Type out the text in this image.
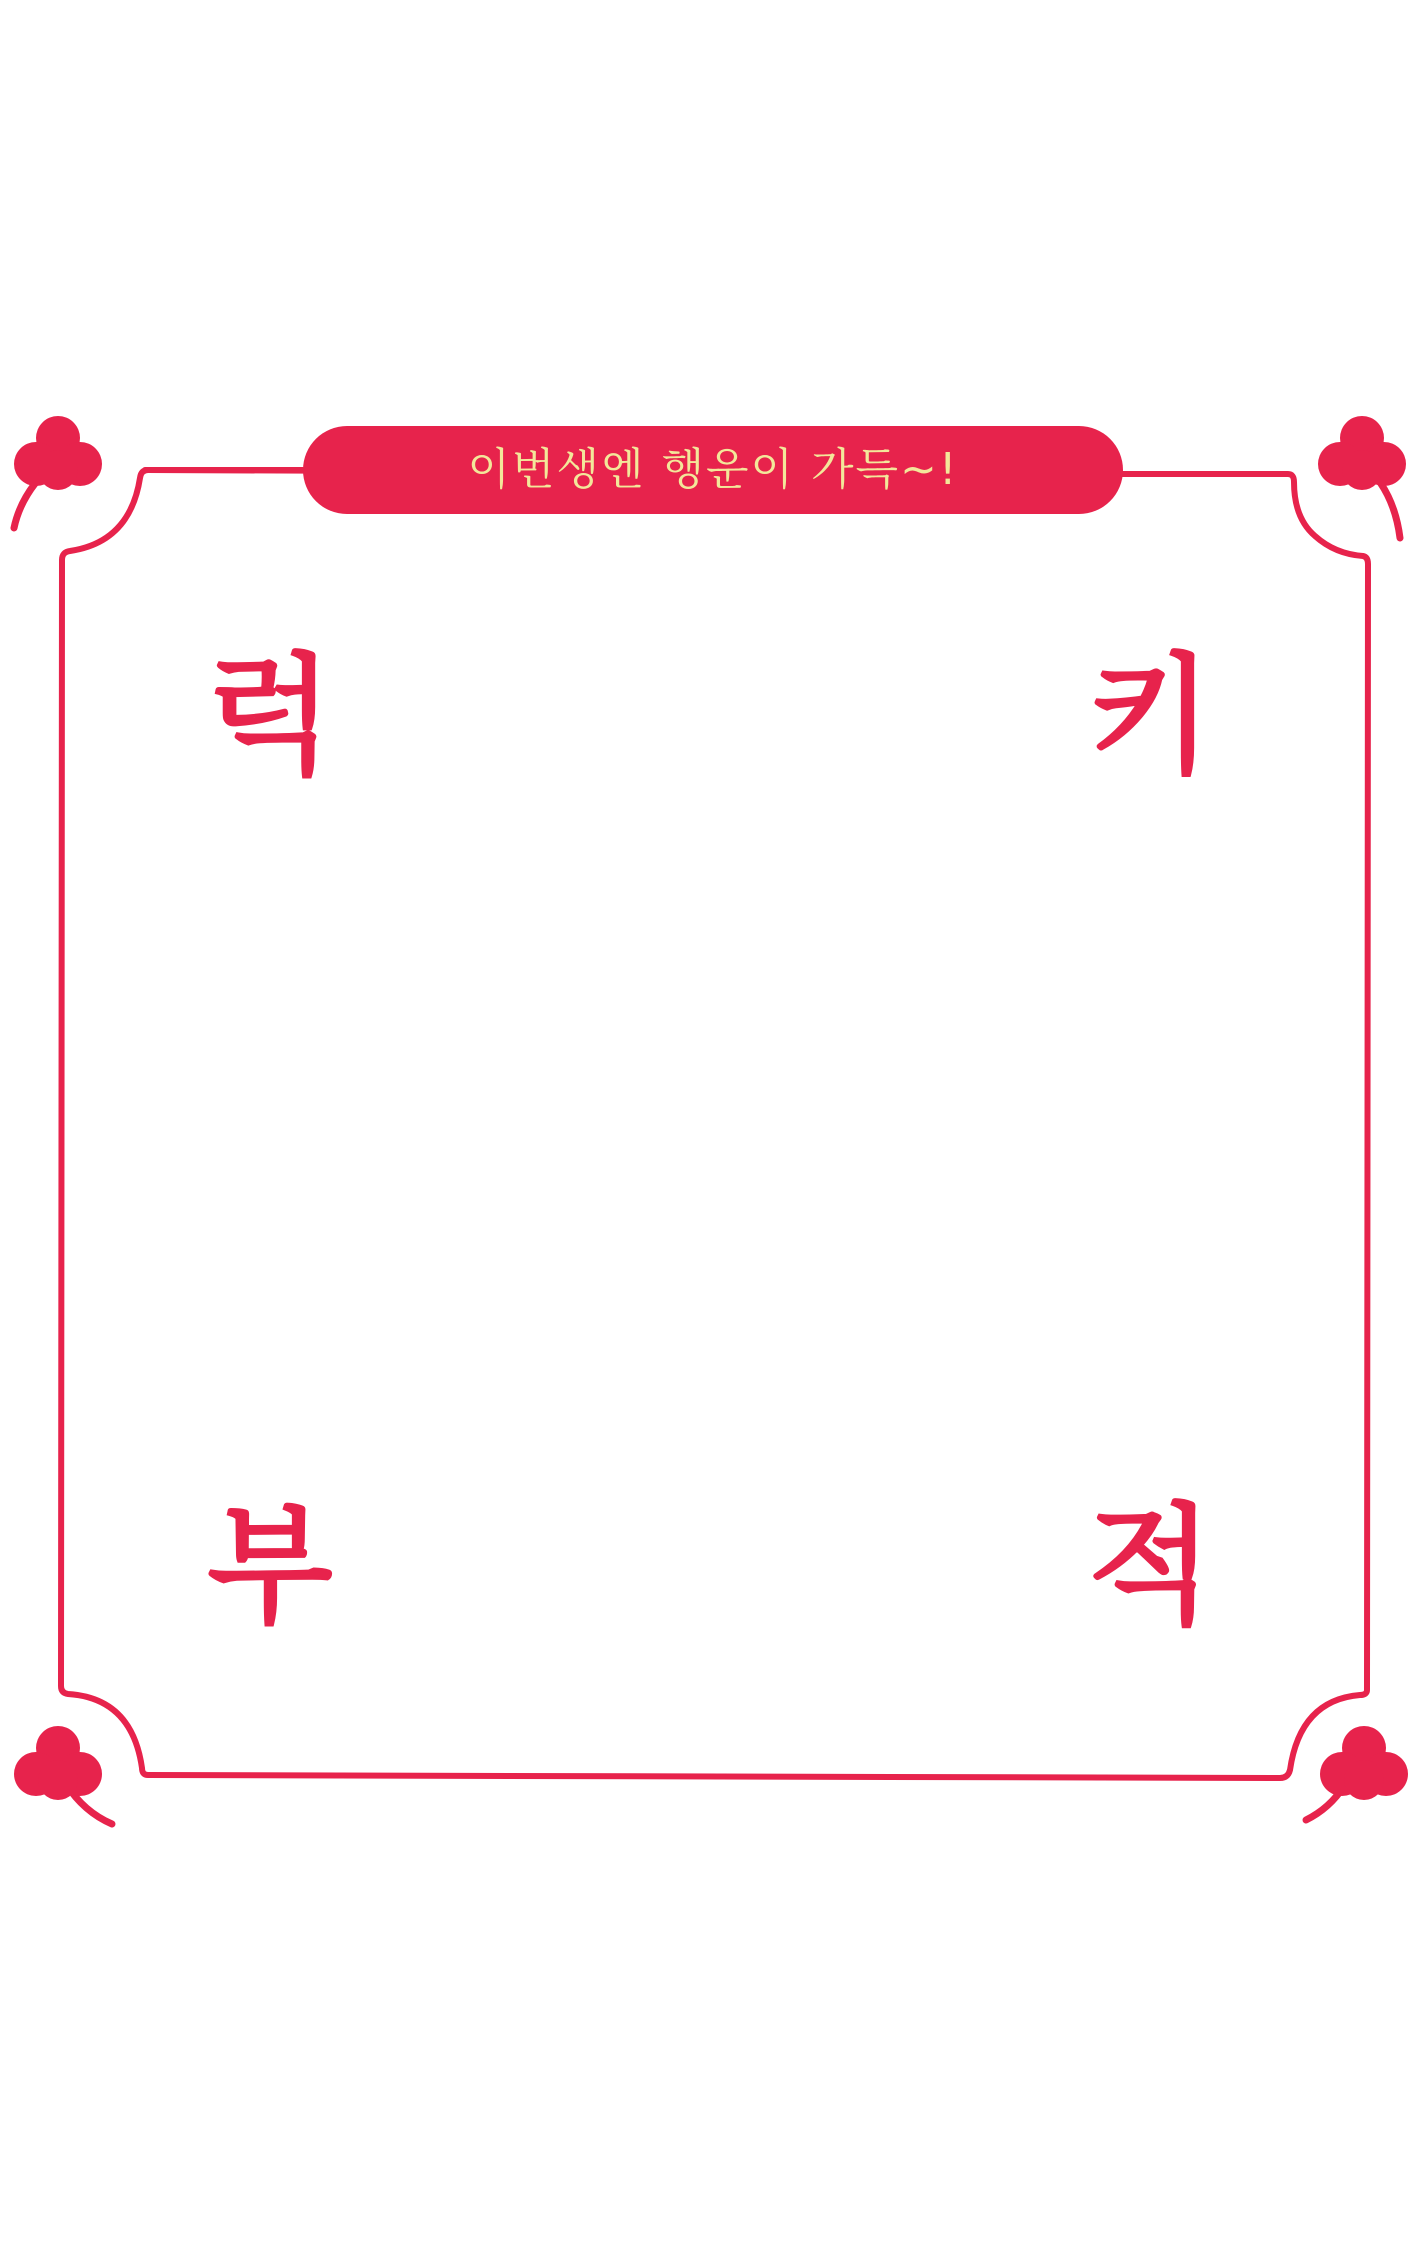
이번생엔 행운이 가득~!
럭	키
부	적
